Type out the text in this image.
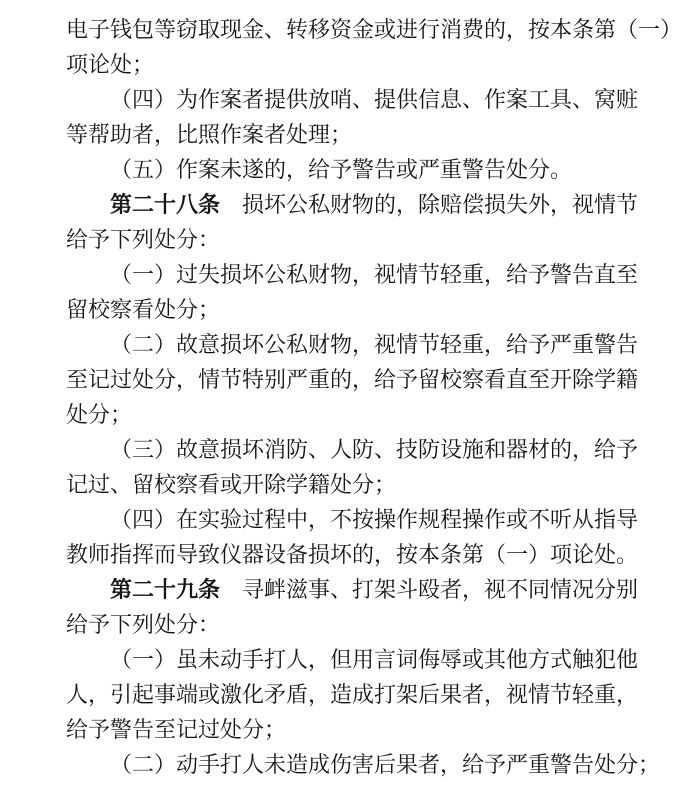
电子钱包等窃取现金、转移资金或进行消费的，按本条第（一）
项论处；
（四）为作案者提供放哨、提供信息、作案工具、窝赃
等帮助者，比照作案者处理；
（五）作案未遂的，给予警告或严重警告处分。
第二十八条 损坏公私财物的，除赔偿损失外，视情节
给予下列处分：
（一）过失损坏公私财物，视情节轻重，给予警告直至
留校察看处分；
（二）故意损坏公私财物，视情节轻重，给予严重警告
至记过处分，情节特别严重的，给予留校察看直至开除学籍
处分；
（三）故意损坏消防、人防、技防设施和器材的，给予
记过、留校察看或开除学籍处分；
（四）在实验过程中，不按操作规程操作或不听从指导
教师指挥而导致仪器设备损坏的，按本条第（一）项论处。
第二十九条 寻衅滋事、打架斗殴者，视不同情况分别
给予下列处分：
（一）虽未动手打人，但用言词侮辱或其他方式触犯他
人，引起事端或激化矛盾，造成打架后果者，视情节轻重，
给予警告至记过处分；
（二）动手打人未造成伤害后果者，给予严重警告处分；
